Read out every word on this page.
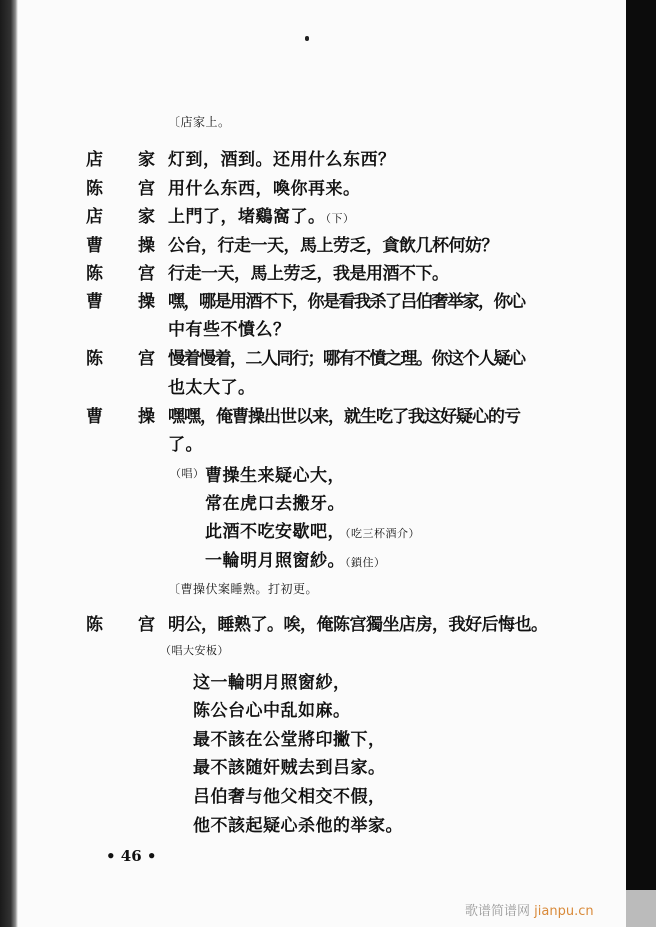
〔店家上。
店 家 灯到，酒到。还用什么东西？
陈 宫 用什么东西，喚你再来。
店 家 上門了，堵鷄窩了。（下）
曹 操 公台，行走一天，馬上劳乏，貪飲几杯何妨？
陈 宫 行走一天，馬上劳乏，我是用酒不下。
曹 操 嘿，哪是用酒不下，你是看我杀了吕伯奢举家，你心
中有些不憤么？
陈 宫 慢着慢着，二人同行；哪有不憤之理。你这个人疑心
也太大了。
曹 操 嘿嘿，俺曹操出世以来，就生吃了我这好疑心的亏
了。
（唱） 曹操生来疑心大，
常在虎口去搬牙。
此酒不吃安歇吧，（吃三杯酒介）
一輪明月照窗紗。（鎖住）
〔曹操伏案睡熟。打初更。
陈 宫 明公，睡熟了。唉，俺陈宫獨坐店房，我好后悔也。
（唱大安板）
这一輪明月照窗紗，
陈公台心中乱如麻。
最不該在公堂將印撇下，
最不該随奸贼去到吕家。
吕伯奢与他父相交不假，
他不該起疑心杀他的举家。
• 46 •
歌谱简谱网 jianpu.cn
